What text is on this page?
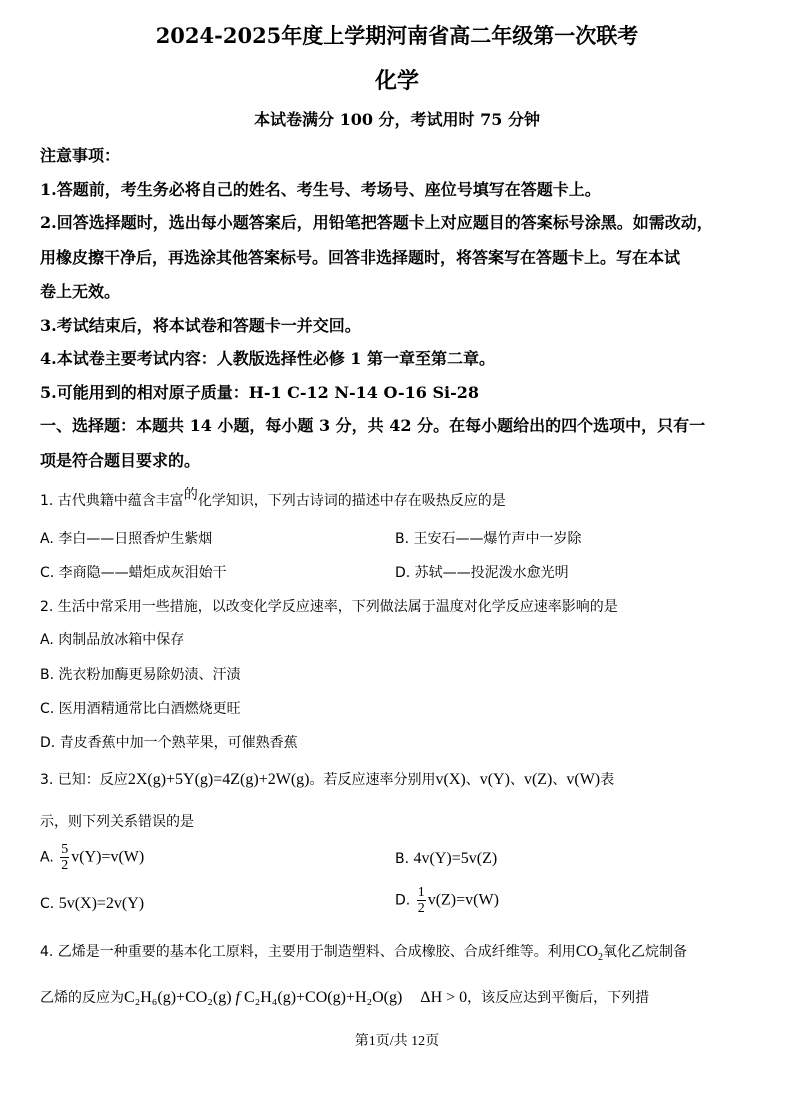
2024-2025年度上学期河南省高二年级第一次联考
化学
本试卷满分 100 分，考试用时 75 分钟
注意事项：
1.答题前，考生务必将自己的姓名、考生号、考场号、座位号填写在答题卡上。
2.回答选择题时，选出每小题答案后，用铅笔把答题卡上对应题目的答案标号涂黑。如需改动，
用橡皮擦干净后，再选涂其他答案标号。回答非选择题时，将答案写在答题卡上。写在本试
卷上无效。
3.考试结束后，将本试卷和答题卡一并交回。
4.本试卷主要考试内容：人教版选择性必修 1 第一章至第二章。
5.可能用到的相对原子质量：H-1 C-12 N-14 O-16 Si-28
一、选择题：本题共 14 小题，每小题 3 分，共 42 分。在每小题给出的四个选项中，只有一
项是符合题目要求的。
1. 古代典籍中蕴含丰富的化学知识，下列古诗词的描述中存在吸热反应的是
A. 李白——日照香炉生紫烟	B. 王安石——爆竹声中一岁除
C. 李商隐——蜡炬成灰泪始干	D. 苏轼——投泥泼水愈光明
2. 生活中常采用一些措施，以改变化学反应速率，下列做法属于温度对化学反应速率影响的是
A. 肉制品放冰箱中保存
B. 洗衣粉加酶更易除奶渍、汗渍
C. 医用酒精通常比白酒燃烧更旺
D. 青皮香蕉中加一个熟苹果，可催熟香蕉
3. 已知：反应2X(g)+5Y(g)=4Z(g)+2W(g)。若反应速率分别用v(X)、v(Y)、v(Z)、v(W)表
示，则下列关系错误的是
A. $\frac{5}{2} v(Y)=v(W)$	B. 4v(Y)=5v(Z)
C. 5v(X)=2v(Y)	D. $\frac{1}{2} v(Z)=v(W)$
4. 乙烯是一种重要的基本化工原料，主要用于制造塑料、合成橡胶、合成纤维等。利用$CO_2$氧化乙烷制备
乙烯的反应为C₂H₆(g)+CO₂(g) f C₂H₄(g)+CO(g)+H₂O(g) ΔH > 0，该反应达到平衡后，下列措
第1页/共 12页
